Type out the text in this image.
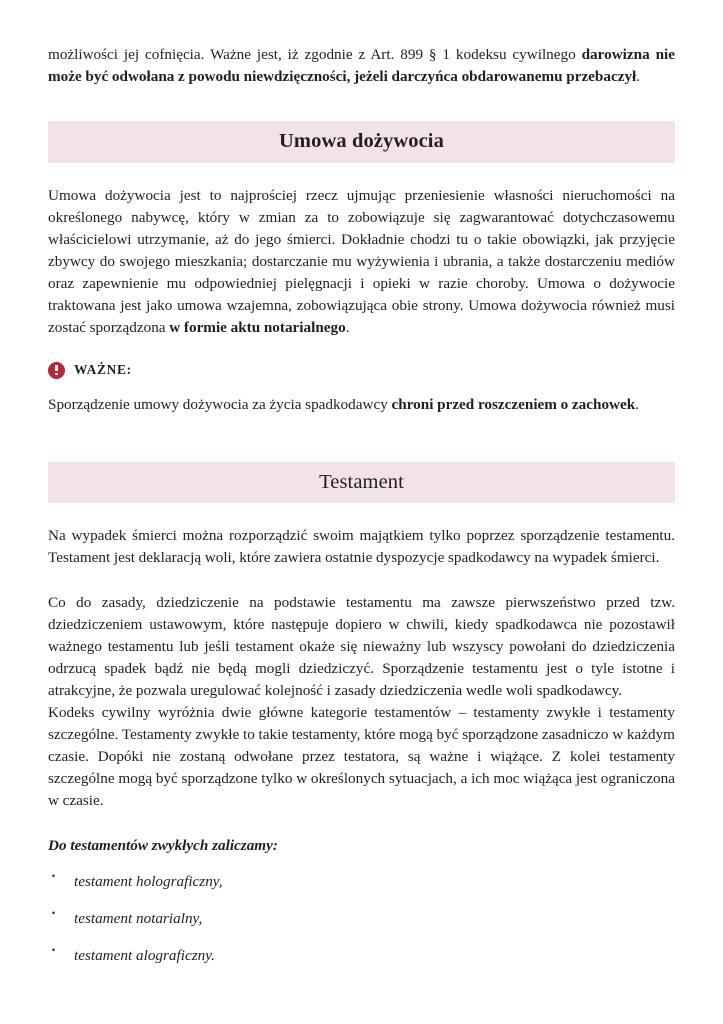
możliwości jej cofnięcia. Ważne jest, iż zgodnie z Art. 899 § 1 kodeksu cywilnego darowizna nie może być odwołana z powodu niewdzięczności, jeżeli darczyńca obdarowanemu przebaczył.

Umowa dożywocia

Umowa dożywocia jest to najprościej rzecz ujmując przeniesienie własności nieruchomości na określonego nabywcę, który w zmian za to zobowiązuje się zagwarantować dotychczasowemu właścicielowi utrzymanie, aż do jego śmierci. Dokładnie chodzi tu o takie obowiązki, jak przyjęcie zbywcy do swojego mieszkania; dostarczanie mu wyżywienia i ubrania, a także dostarczeniu mediów oraz zapewnienie mu odpowiedniej pielęgnacji i opieki w razie choroby. Umowa o dożywocie traktowana jest jako umowa wzajemna, zobowiązująca obie strony. Umowa dożywocia również musi zostać sporządzona w formie aktu notarialnego.

WAŻNE:

Sporządzenie umowy dożywocia za życia spadkodawcy chroni przed roszczeniem o zachowek.

Testament

Na wypadek śmierci można rozporządzić swoim majątkiem tylko poprzez sporządzenie testamentu. Testament jest deklaracją woli, które zawiera ostatnie dyspozycje spadkodawcy na wypadek śmierci.

Co do zasady, dziedziczenie na podstawie testamentu ma zawsze pierwszeństwo przed tzw. dziedziczeniem ustawowym, które następuje dopiero w chwili, kiedy spadkodawca nie pozostawił ważnego testamentu lub jeśli testament okaże się nieważny lub wszyscy powołani do dziedziczenia odrzucą spadek bądź nie będą mogli dziedziczyć. Sporządzenie testamentu jest o tyle istotne i atrakcyjne, że pozwala uregulować kolejność i zasady dziedziczenia wedle woli spadkodawcy.

Kodeks cywilny wyróżnia dwie główne kategorie testamentów – testamenty zwykłe i testamenty szczególne. Testamenty zwykłe to takie testamenty, które mogą być sporządzone zasadniczo w każdym czasie. Dopóki nie zostaną odwołane przez testatora, są ważne i wiążące. Z kolei testamenty szczególne mogą być sporządzone tylko w określonych sytuacjach, a ich moc wiążąca jest ograniczona w czasie.

Do testamentów zwykłych zaliczamy:

· testament holograficzny,
· testament notarialny,
· testament alograficzny.
